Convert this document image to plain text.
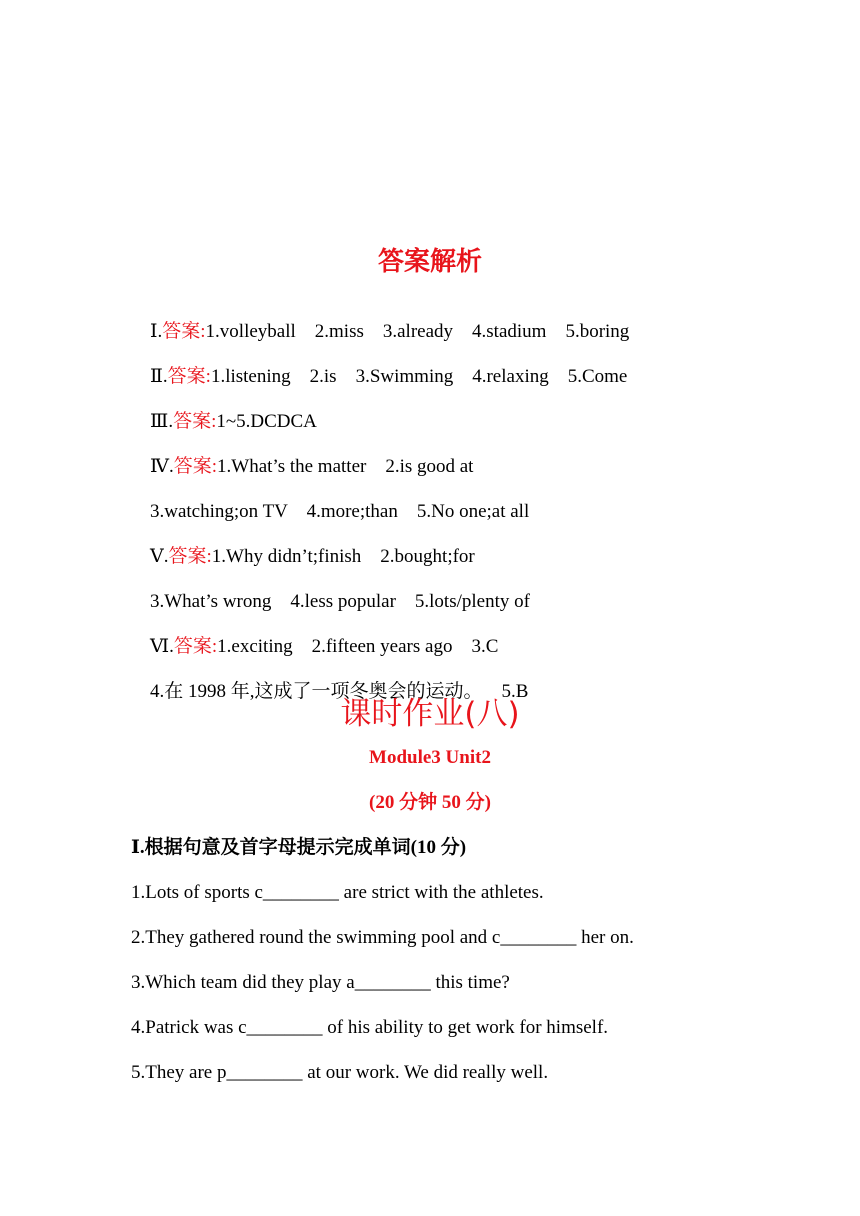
答案解析

Ⅰ.答案:1.volleyball    2.miss    3.already    4.stadium    5.boring

Ⅱ.答案:1.listening    2.is    3.Swimming    4.relaxing    5.Come

Ⅲ.答案:1~5.DCDCA

Ⅳ.答案:1.What’s the matter    2.is good at

3.watching;on TV    4.more;than    5.No one;at all

Ⅴ.答案:1.Why didn’t;finish    2.bought;for

3.What’s wrong    4.less popular    5.lots/plenty of

Ⅵ.答案:1.exciting    2.fifteen years ago    3.C

4.在 1998 年,这成了一项冬奥会的运动。    5.B

课时作业(八)
Module3 Unit2
(20 分钟 50 分)
Ⅰ.根据句意及首字母提示完成单词(10 分)
1.Lots of sports c________ are strict with the athletes.
2.They gathered round the swimming pool and c________ her on.
3.Which team did they play a________ this time?
4.Patrick was c________ of his ability to get work for himself.
5.They are p________ at our work. We did really well.
